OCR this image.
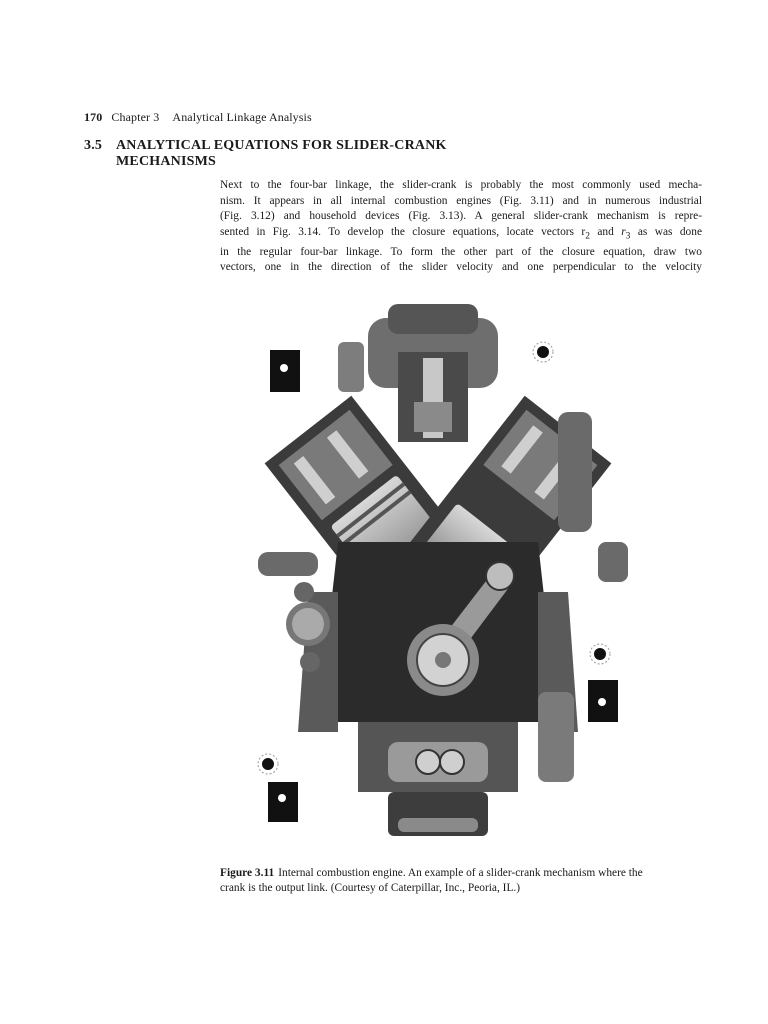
170 Chapter 3 Analytical Linkage Analysis
3.5 ANALYTICAL EQUATIONS FOR SLIDER-CRANK
MECHANISMS
Next to the four-bar linkage, the slider-crank is probably the most commonly used mecha-
nism. It appears in all internal combustion engines (Fig. 3.11) and in numerous industrial
(Fig. 3.12) and household devices (Fig. 3.13). A general slider-crank mechanism is repre-
sented in Fig. 3.14. To develop the closure equations, locate vectors $r_2$ and $r_3$ as was done
in the regular four-bar linkage. To form the other part of the closure equation, draw two
vectors, one in the direction of the slider velocity and one perpendicular to the velocity
Figure 3.11 Internal combustion engine. An example of a slider-crank mechanism where the crank is the output link. (Courtesy of Caterpillar, Inc., Peoria, IL.)
